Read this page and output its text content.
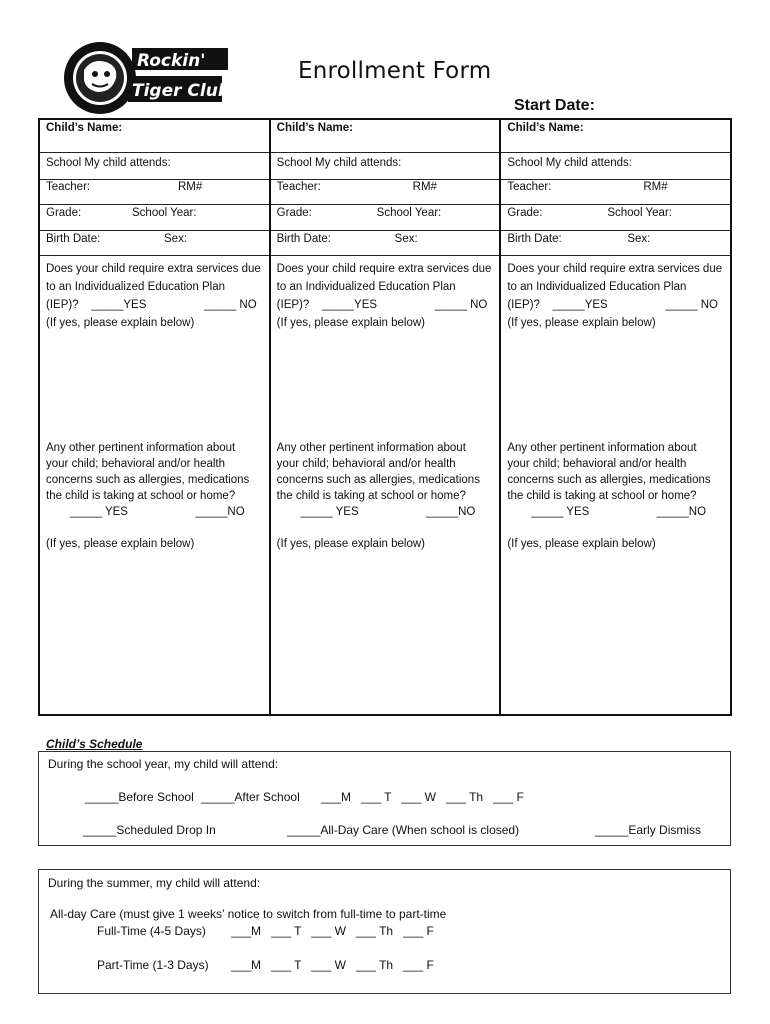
Rockin'
Tiger Club
Enrollment Form
Start Date:
Child’s Name:
School My child attends:
Teacher:	RM#
Grade:	School Year:
Birth Date:	Sex:
Does your child require extra services due
to an Individualized Education Plan
(IEP)? _____YES	_____ NO
(If yes, please explain below)
Any other pertinent information about
your child; behavioral and/or health
concerns such as allergies, medications
the child is taking at school or home?
_____ YES	_____NO
(If yes, please explain below)
Child’s Name:
School My child attends:
Teacher:	RM#
Grade:	School Year:
Birth Date:	Sex:
Does your child require extra services due
to an Individualized Education Plan
(IEP)? _____YES	_____ NO
(If yes, please explain below)
Any other pertinent information about
your child; behavioral and/or health
concerns such as allergies, medications
the child is taking at school or home?
_____ YES	_____NO
(If yes, please explain below)
Child’s Name:
School My child attends:
Teacher:	RM#
Grade:	School Year:
Birth Date:	Sex:
Does your child require extra services due
to an Individualized Education Plan
(IEP)? _____YES	_____ NO
(If yes, please explain below)
Any other pertinent information about
your child; behavioral and/or health
concerns such as allergies, medications
the child is taking at school or home?
_____ YES	_____NO
(If yes, please explain below)
Child’s Schedule
During the school year, my child will attend:
_____Before School _____After School ___M   ___ T   ___ W   ___ Th   ___ F
_____Scheduled Drop In	_____All-Day Care (When school is closed)	_____Early Dismiss
During the summer, my child will attend:
All-day Care (must give 1 weeks’ notice to switch from full-time to part-time
Full-Time (4-5 Days) ___M   ___ T   ___ W   ___ Th   ___ F
Part-Time (1-3 Days) ___M   ___ T   ___ W   ___ Th   ___ F
